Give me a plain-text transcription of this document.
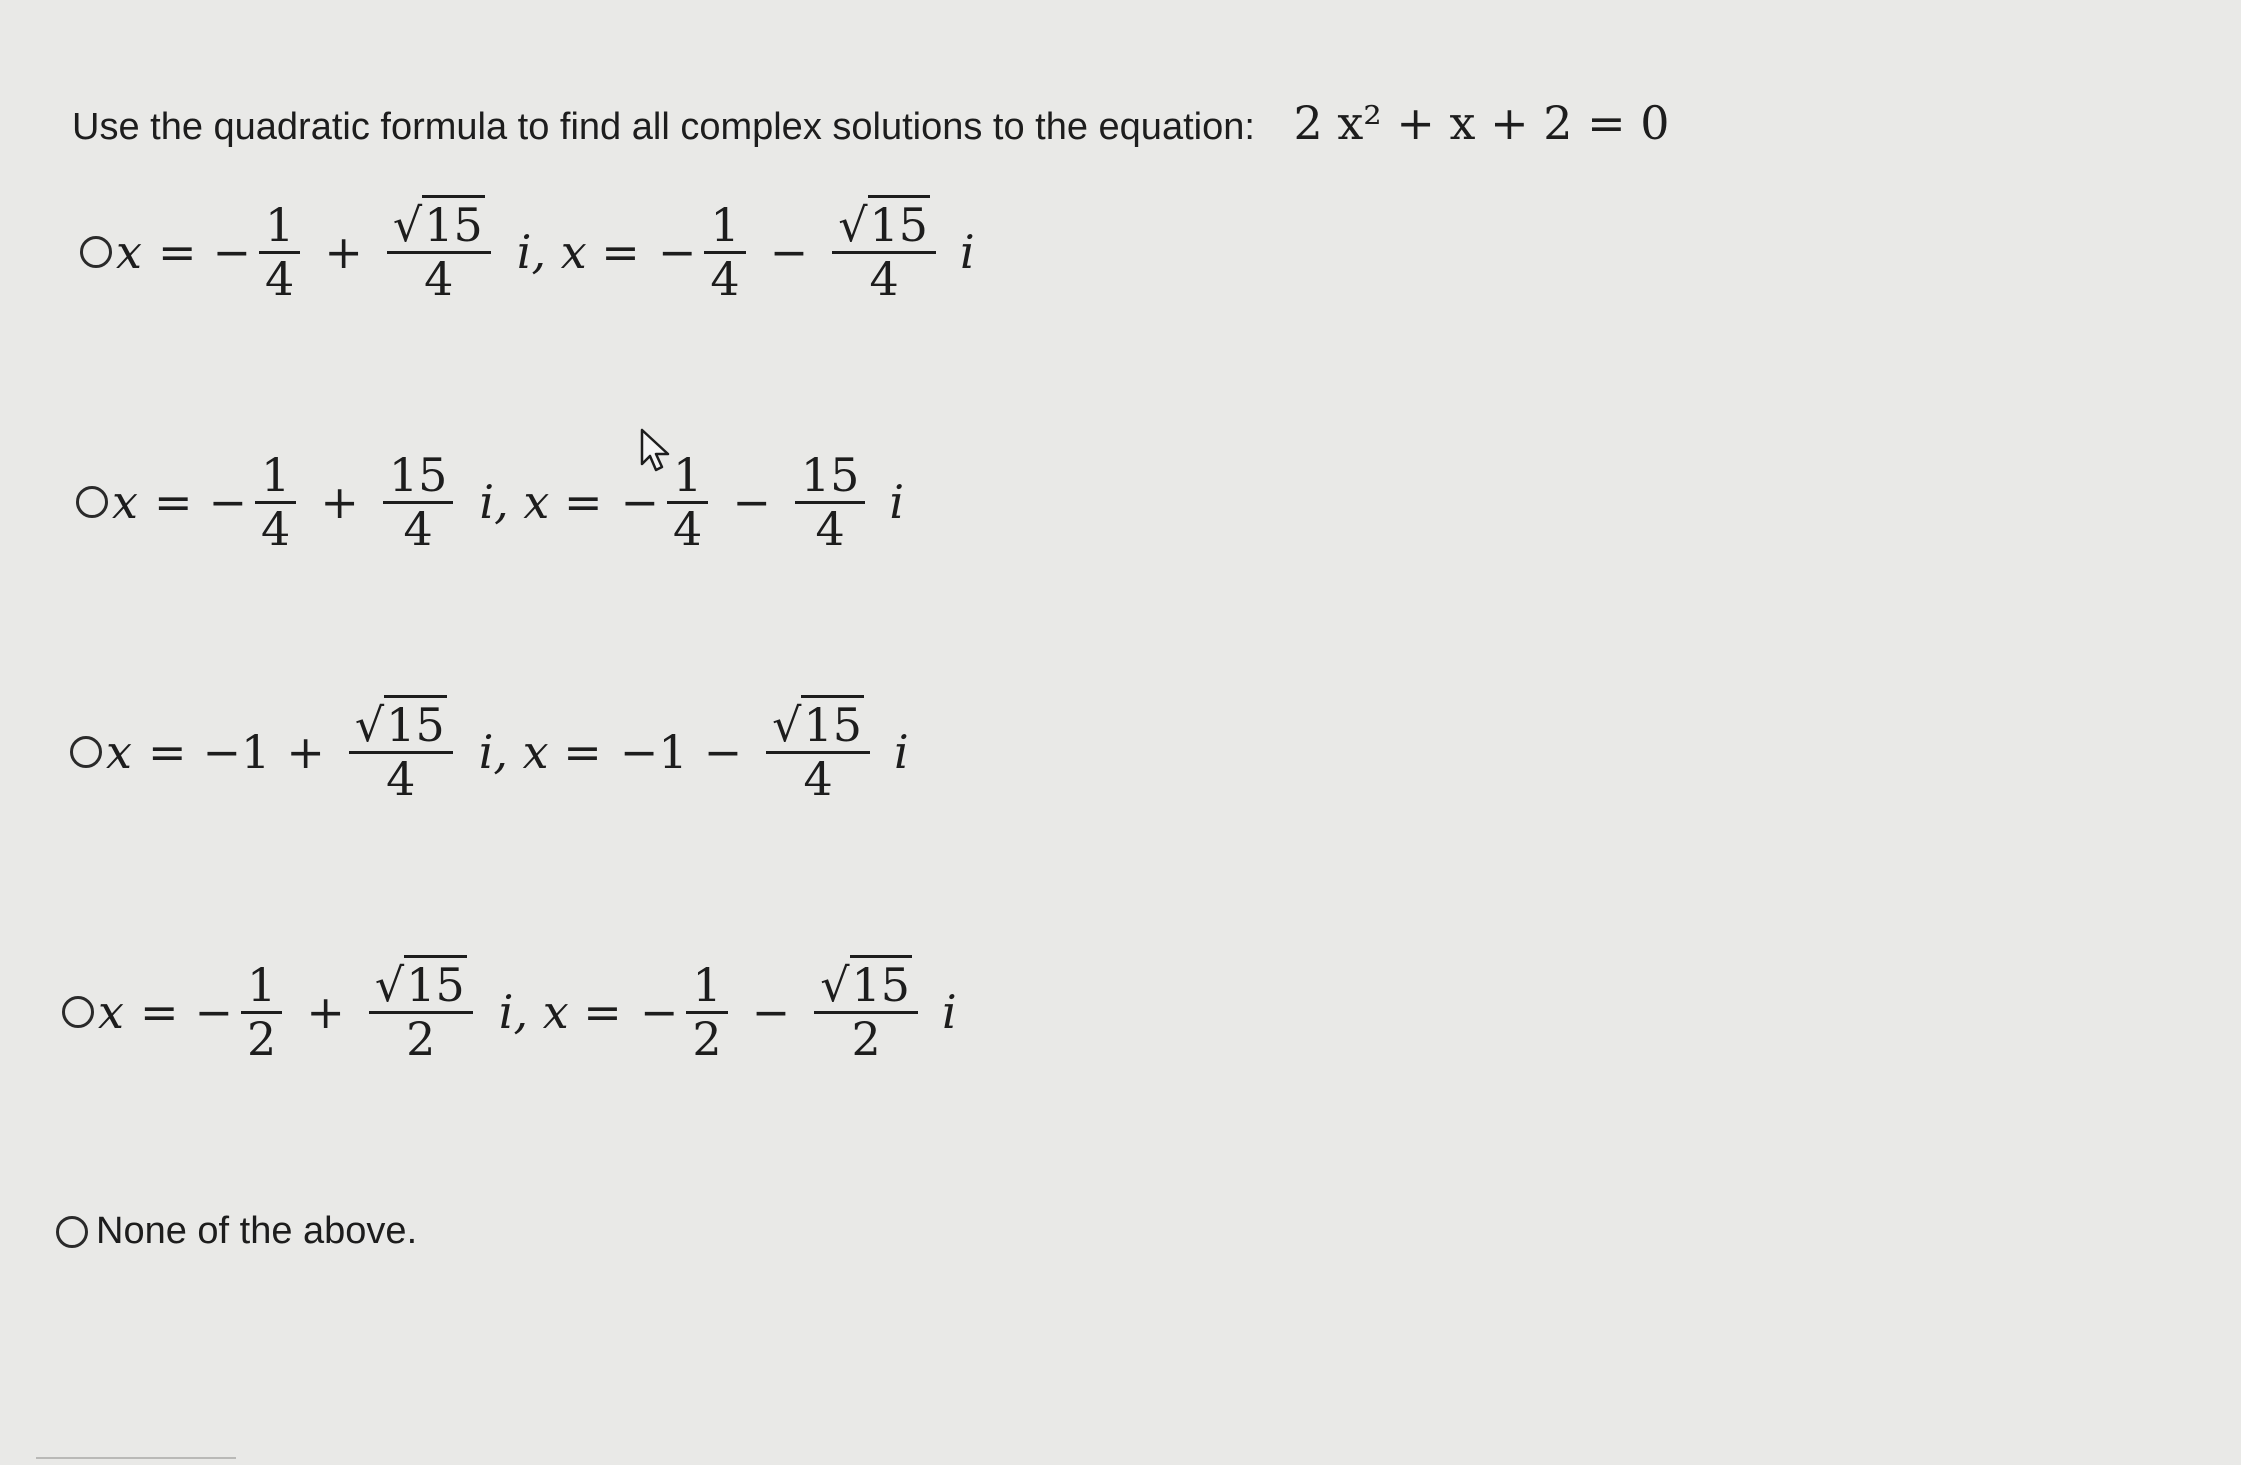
Use the quadratic formula to find all complex solutions to the equation: 2 x² + x + 2 = 0
x = − $\frac{1}{4} + \frac{√15}{4} i$, x = − $\frac{1}{4} - \frac{√15}{4}$ i
x = − $\frac{1}{4} + \frac{15}{4} i$, x = − $\frac{1}{4} - \frac{15}{4}$ i
$x = -1 + \frac{√15}{4} i$, $x = -1 - \frac{√15}{4}$ i
x = − $\frac{1}{2} + \frac{√15}{2} i$, x = − $\frac{1}{2} - \frac{√15}{2}$ i
None of the above.
